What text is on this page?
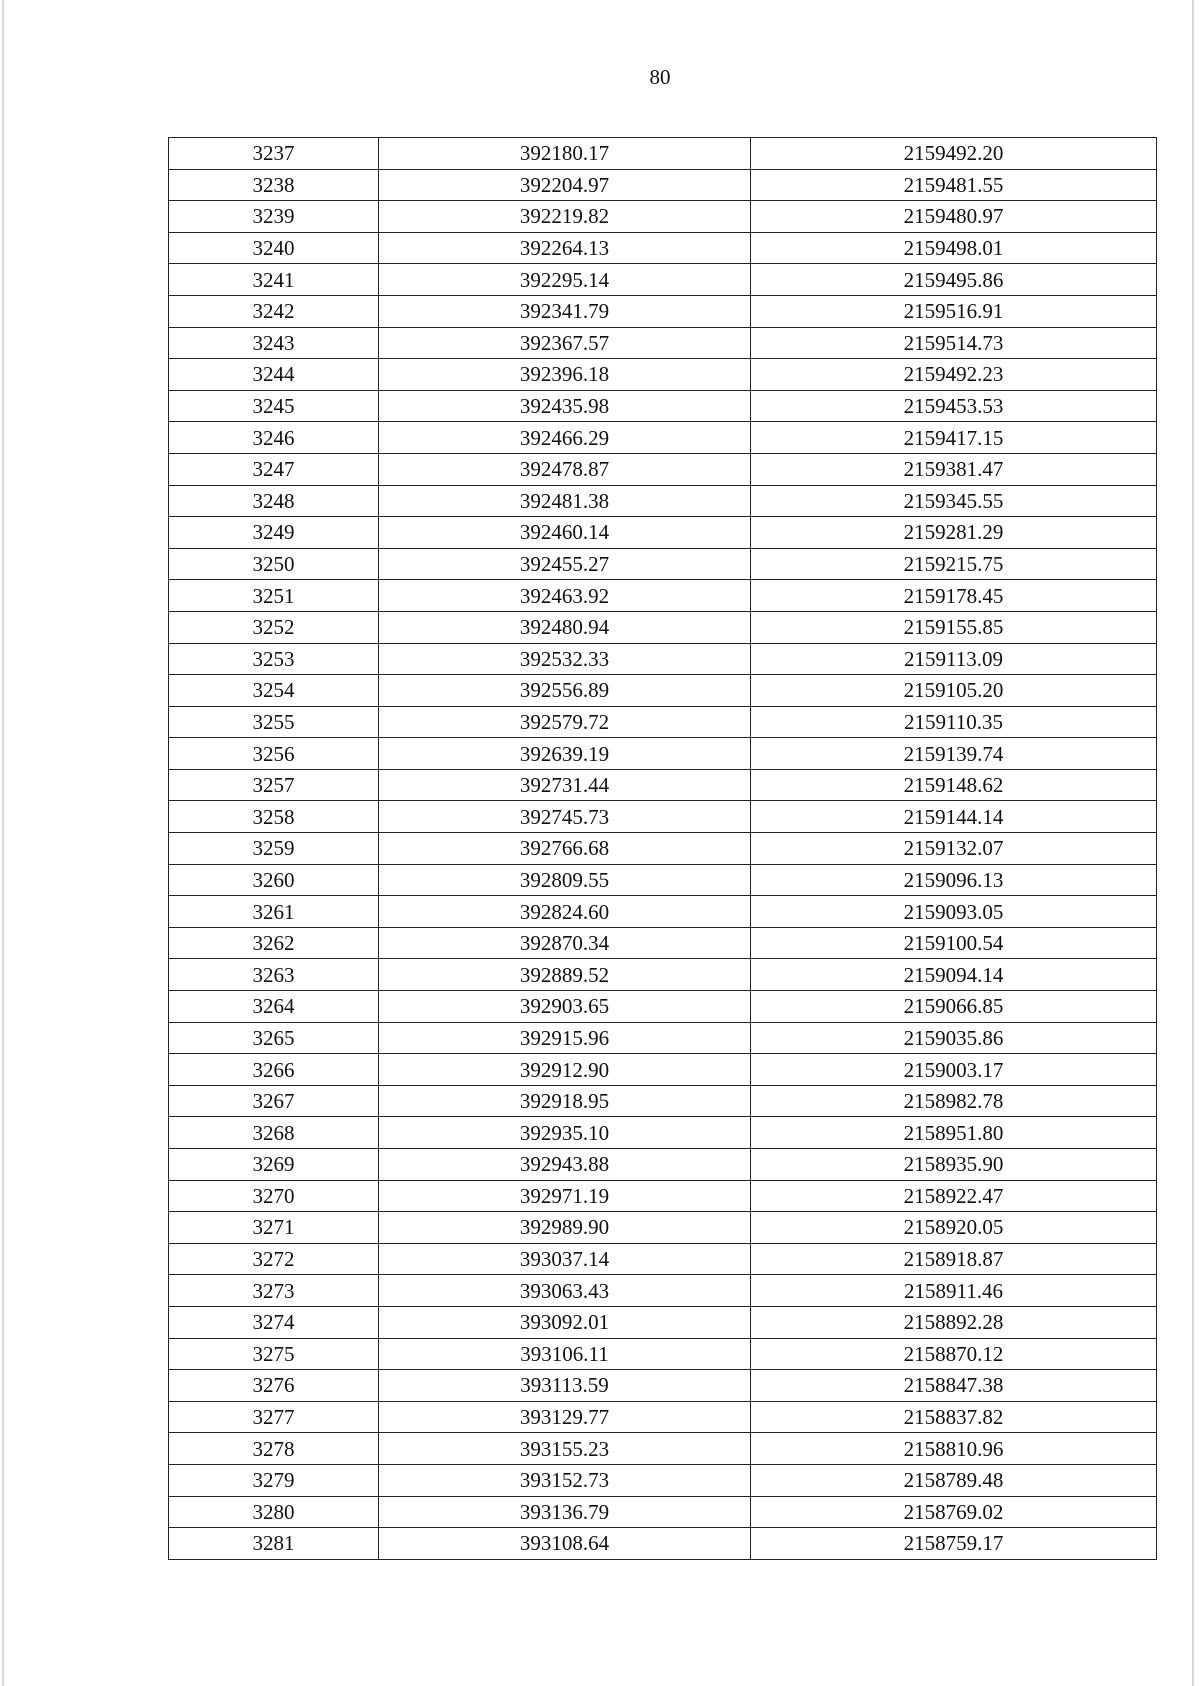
80
3237	392180.17	2159492.20
3238	392204.97	2159481.55
3239	392219.82	2159480.97
3240	392264.13	2159498.01
3241	392295.14	2159495.86
3242	392341.79	2159516.91
3243	392367.57	2159514.73
3244	392396.18	2159492.23
3245	392435.98	2159453.53
3246	392466.29	2159417.15
3247	392478.87	2159381.47
3248	392481.38	2159345.55
3249	392460.14	2159281.29
3250	392455.27	2159215.75
3251	392463.92	2159178.45
3252	392480.94	2159155.85
3253	392532.33	2159113.09
3254	392556.89	2159105.20
3255	392579.72	2159110.35
3256	392639.19	2159139.74
3257	392731.44	2159148.62
3258	392745.73	2159144.14
3259	392766.68	2159132.07
3260	392809.55	2159096.13
3261	392824.60	2159093.05
3262	392870.34	2159100.54
3263	392889.52	2159094.14
3264	392903.65	2159066.85
3265	392915.96	2159035.86
3266	392912.90	2159003.17
3267	392918.95	2158982.78
3268	392935.10	2158951.80
3269	392943.88	2158935.90
3270	392971.19	2158922.47
3271	392989.90	2158920.05
3272	393037.14	2158918.87
3273	393063.43	2158911.46
3274	393092.01	2158892.28
3275	393106.11	2158870.12
3276	393113.59	2158847.38
3277	393129.77	2158837.82
3278	393155.23	2158810.96
3279	393152.73	2158789.48
3280	393136.79	2158769.02
3281	393108.64	2158759.17
